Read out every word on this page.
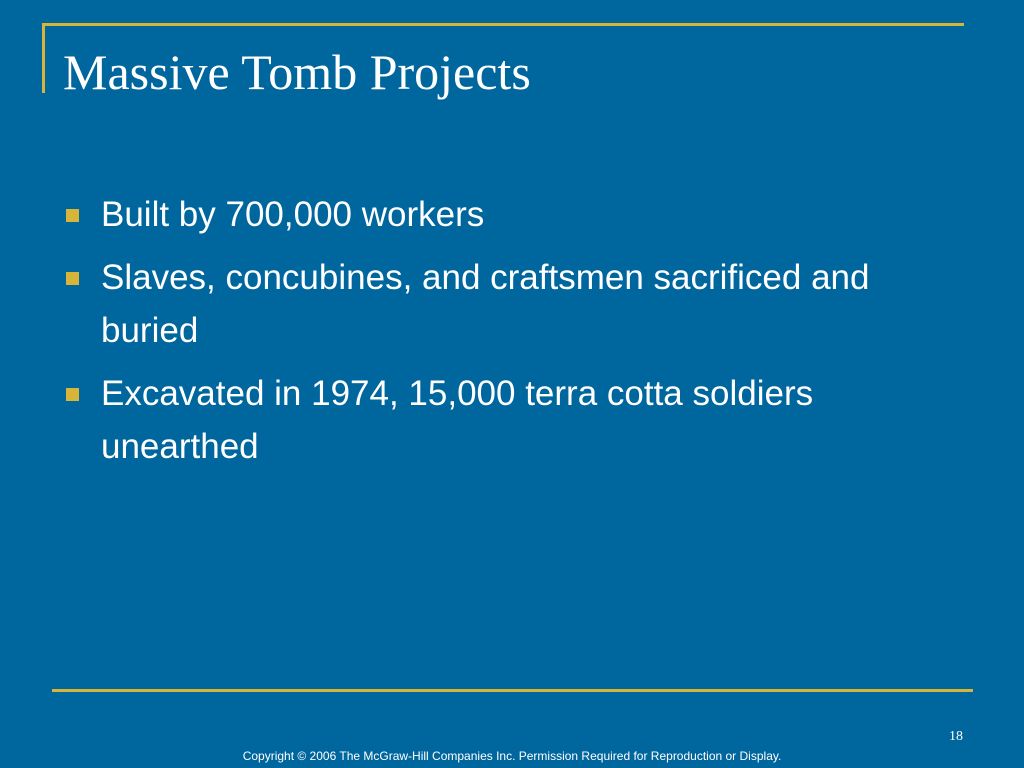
Massive Tomb Projects
Built by 700,000 workers
Slaves, concubines, and craftsmen sacrificed and buried
Excavated in 1974, 15,000 terra cotta soldiers unearthed
18
Copyright © 2006 The McGraw-Hill Companies Inc. Permission Required for Reproduction or Display.
